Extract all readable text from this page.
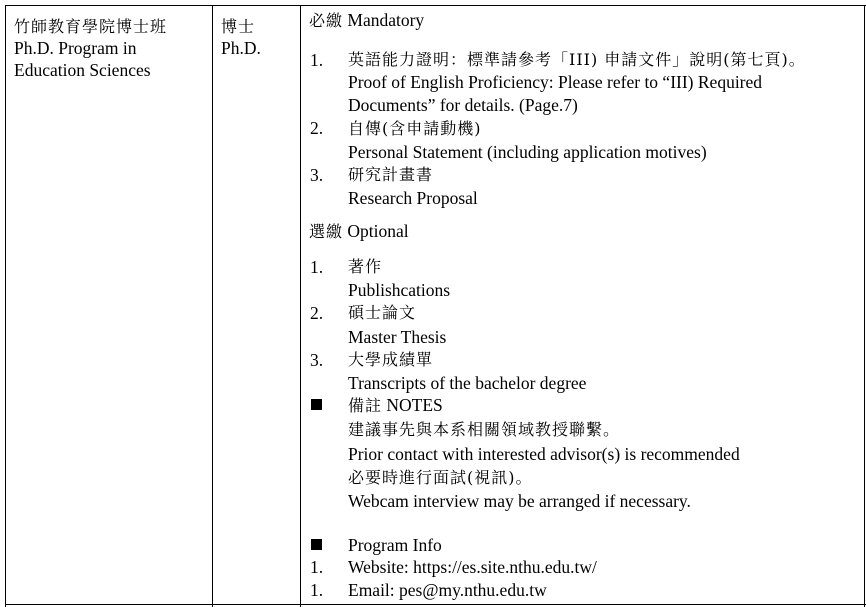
竹師教育學院博士班
Ph.D. Program in
Education Sciences
博士
Ph.D.
必繳 Mandatory
1. 英語能力證明：標準請參考「III) 申請文件」說明(第七頁)。
Proof of English Proficiency: Please refer to “III) Required
Documents” for details. (Page.7)
2. 自傳(含申請動機)
Personal Statement (including application motives)
3. 研究計畫書
Research Proposal
選繳 Optional
1. 著作
Publishcations
2. 碩士論文
Master Thesis
3. 大學成績單
Transcripts of the bachelor degree
備註 NOTES
建議事先與本系相關領域教授聯繫。
Prior contact with interested advisor(s) is recommended
必要時進行面試(視訊)。
Webcam interview may be arranged if necessary.
Program Info
1. Website: https://es.site.nthu.edu.tw/
1. Email: pes@my.nthu.edu.tw
